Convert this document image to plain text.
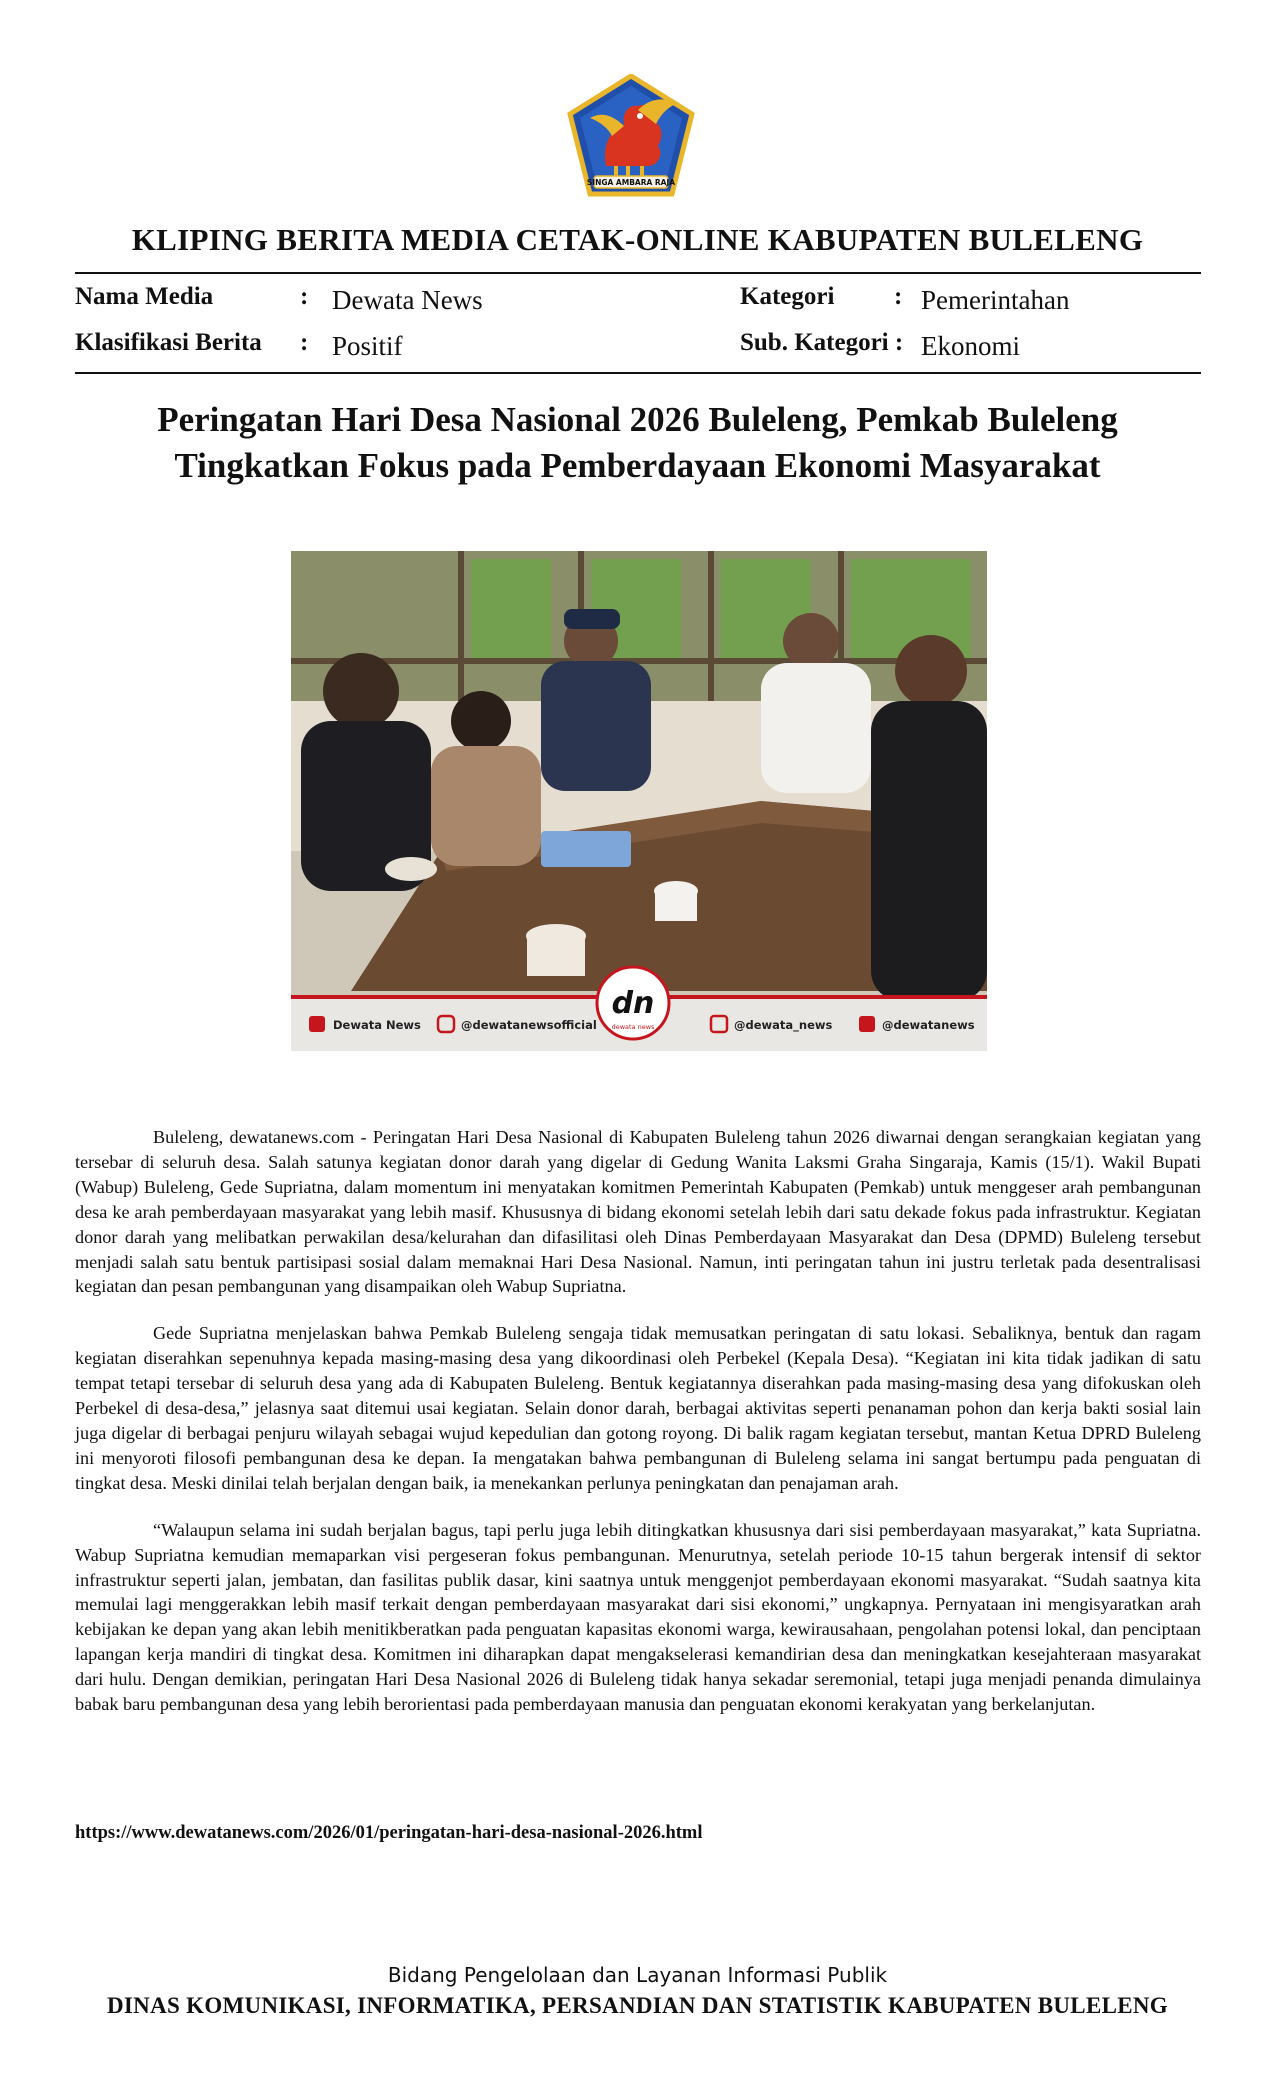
SINGA AMBARA RAJA
KLIPING BERITA MEDIA CETAK-ONLINE KABUPATEN BULELENG
Nama Media	: Dewata News
Klasifikasi Berita : Positif
Kategori : Pemerintahan
Sub. Kategori : Ekonomi
Peringatan Hari Desa Nasional 2026 Buleleng, Pemkab Buleleng
Tingkatkan Fokus pada Pemberdayaan Ekonomi Masyarakat
Dewata News	@dewatanewsofficial
dn
dewata news	@dewata_news	@dewatanews

Buleleng, dewatanews.com - Peringatan Hari Desa Nasional di Kabupaten Buleleng tahun 2026 diwarnai dengan serangkaian kegiatan yang tersebar di seluruh desa. Salah satunya kegiatan donor darah yang digelar di Gedung Wanita Laksmi Graha Singaraja, Kamis (15/1). Wakil Bupati (Wabup) Buleleng, Gede Supriatna, dalam momentum ini menyatakan komitmen Pemerintah Kabupaten (Pemkab) untuk menggeser arah pembangunan desa ke arah pemberdayaan masyarakat yang lebih masif. Khususnya di bidang ekonomi setelah lebih dari satu dekade fokus pada infrastruktur. Kegiatan donor darah yang melibatkan perwakilan desa/kelurahan dan difasilitasi oleh Dinas Pemberdayaan Masyarakat dan Desa (DPMD) Buleleng tersebut menjadi salah satu bentuk partisipasi sosial dalam memaknai Hari Desa Nasional. Namun, inti peringatan tahun ini justru terletak pada desentralisasi kegiatan dan pesan pembangunan yang disampaikan oleh Wabup Supriatna.

Gede Supriatna menjelaskan bahwa Pemkab Buleleng sengaja tidak memusatkan peringatan di satu lokasi. Sebaliknya, bentuk dan ragam kegiatan diserahkan sepenuhnya kepada masing-masing desa yang dikoordinasi oleh Perbekel (Kepala Desa). “Kegiatan ini kita tidak jadikan di satu tempat tetapi tersebar di seluruh desa yang ada di Kabupaten Buleleng. Bentuk kegiatannya diserahkan pada masing-masing desa yang difokuskan oleh Perbekel di desa-desa,” jelasnya saat ditemui usai kegiatan. Selain donor darah, berbagai aktivitas seperti penanaman pohon dan kerja bakti sosial lain juga digelar di berbagai penjuru wilayah sebagai wujud kepedulian dan gotong royong. Di balik ragam kegiatan tersebut, mantan Ketua DPRD Buleleng ini menyoroti filosofi pembangunan desa ke depan. Ia mengatakan bahwa pembangunan di Buleleng selama ini sangat bertumpu pada penguatan di tingkat desa. Meski dinilai telah berjalan dengan baik, ia menekankan perlunya peningkatan dan penajaman arah.

“Walaupun selama ini sudah berjalan bagus, tapi perlu juga lebih ditingkatkan khususnya dari sisi pemberdayaan masyarakat,” kata Supriatna. Wabup Supriatna kemudian memaparkan visi pergeseran fokus pembangunan. Menurutnya, setelah periode 10-15 tahun bergerak intensif di sektor infrastruktur seperti jalan, jembatan, dan fasilitas publik dasar, kini saatnya untuk menggenjot pemberdayaan ekonomi masyarakat. “Sudah saatnya kita memulai lagi menggerakkan lebih masif terkait dengan pemberdayaan masyarakat dari sisi ekonomi,” ungkapnya. Pernyataan ini mengisyaratkan arah kebijakan ke depan yang akan lebih menitikberatkan pada penguatan kapasitas ekonomi warga, kewirausahaan, pengolahan potensi lokal, dan penciptaan lapangan kerja mandiri di tingkat desa. Komitmen ini diharapkan dapat mengakselerasi kemandirian desa dan meningkatkan kesejahteraan masyarakat dari hulu. Dengan demikian, peringatan Hari Desa Nasional 2026 di Buleleng tidak hanya sekadar seremonial, tetapi juga menjadi penanda dimulainya babak baru pembangunan desa yang lebih berorientasi pada pemberdayaan manusia dan penguatan ekonomi kerakyatan yang berkelanjutan.

https://www.dewatanews.com/2026/01/peringatan-hari-desa-nasional-2026.html
Bidang Pengelolaan dan Layanan Informasi Publik
DINAS KOMUNIKASI, INFORMATIKA, PERSANDIAN DAN STATISTIK KABUPATEN BULELENG
